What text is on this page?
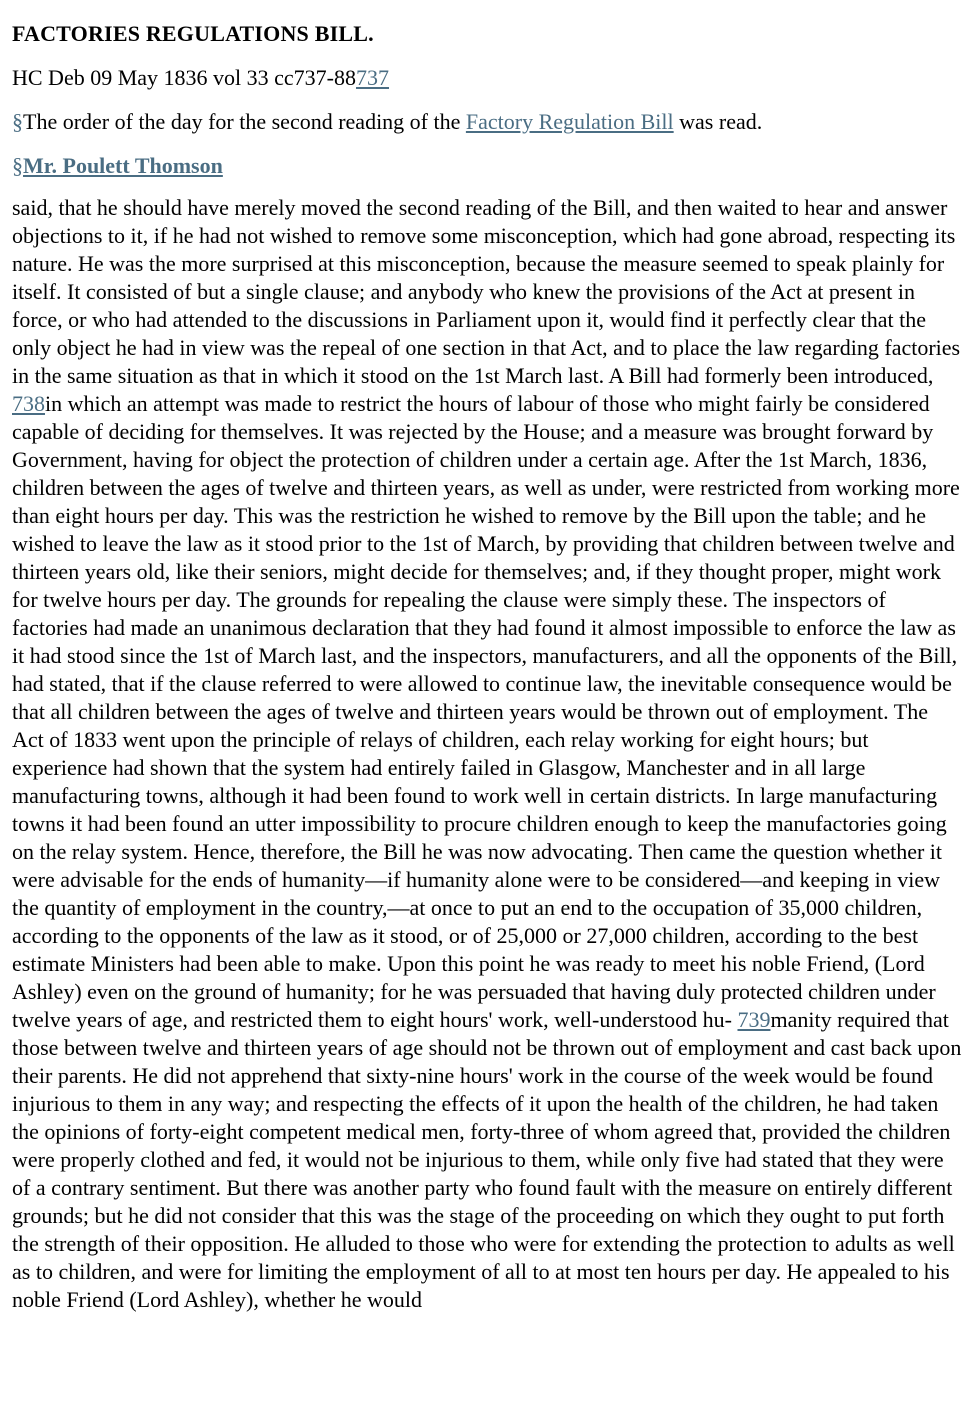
FACTORIES REGULATIONS BILL.
HC Deb 09 May 1836 vol 33 cc737-88737
§The order of the day for the second reading of the Factory Regulation Bill was read.
§Mr. Poulett Thomson

said, that he should have merely moved the second reading of the Bill, and then waited to hear and answer objections to it, if he had not wished to remove some misconception, which had gone abroad, respecting its nature. He was the more surprised at this misconception, because the measure seemed to speak plainly for itself. It consisted of but a single clause; and anybody who knew the provisions of the Act at present in force, or who had attended to the discussions in Parliament upon it, would find it perfectly clear that the only object he had in view was the repeal of one section in that Act, and to place the law regarding factories in the same situation as that in which it stood on the 1st March last. A Bill had formerly been introduced, 738in which an attempt was made to restrict the hours of labour of those who might fairly be considered capable of deciding for themselves. It was rejected by the House; and a measure was brought forward by Government, having for object the protection of children under a certain age. After the 1st March, 1836, children between the ages of twelve and thirteen years, as well as under, were restricted from working more than eight hours per day. This was the restriction he wished to remove by the Bill upon the table; and he wished to leave the law as it stood prior to the 1st of March, by providing that children between twelve and thirteen years old, like their seniors, might decide for themselves; and, if they thought proper, might work for twelve hours per day. The grounds for repealing the clause were simply these. The inspectors of factories had made an unanimous declaration that they had found it almost impossible to enforce the law as it had stood since the 1st of March last, and the inspectors, manufacturers, and all the opponents of the Bill, had stated, that if the clause referred to were allowed to continue law, the inevitable consequence would be that all children between the ages of twelve and thirteen years would be thrown out of employment. The Act of 1833 went upon the principle of relays of children, each relay working for eight hours; but experience had shown that the system had entirely failed in Glasgow, Manchester and in all large manufacturing towns, although it had been found to work well in certain districts. In large manufacturing towns it had been found an utter impossibility to procure children enough to keep the manufactories going on the relay system. Hence, therefore, the Bill he was now advocating. Then came the question whether it were advisable for the ends of humanity—if humanity alone were to be considered—and keeping in view the quantity of employment in the country,—at once to put an end to the occupation of 35,000 children, according to the opponents of the law as it stood, or of 25,000 or 27,000 children, according to the best estimate Ministers had been able to make. Upon this point he was ready to meet his noble Friend, (Lord Ashley) even on the ground of humanity; for he was persuaded that having duly protected children under twelve years of age, and restricted them to eight hours' work, well-understood hu- 739manity required that those between twelve and thirteen years of age should not be thrown out of employment and cast back upon their parents. He did not apprehend that sixty-nine hours' work in the course of the week would be found injurious to them in any way; and respecting the effects of it upon the health of the children, he had taken the opinions of forty-eight competent medical men, forty-three of whom agreed that, provided the children were properly clothed and fed, it would not be injurious to them, while only five had stated that they were of a contrary sentiment. But there was another party who found fault with the measure on entirely different grounds; but he did not consider that this was the stage of the proceeding on which they ought to put forth the strength of their opposition. He alluded to those who were for extending the protection to adults as well as to children, and were for limiting the employment of all to at most ten hours per day. He appealed to his noble Friend (Lord Ashley), whether he would
